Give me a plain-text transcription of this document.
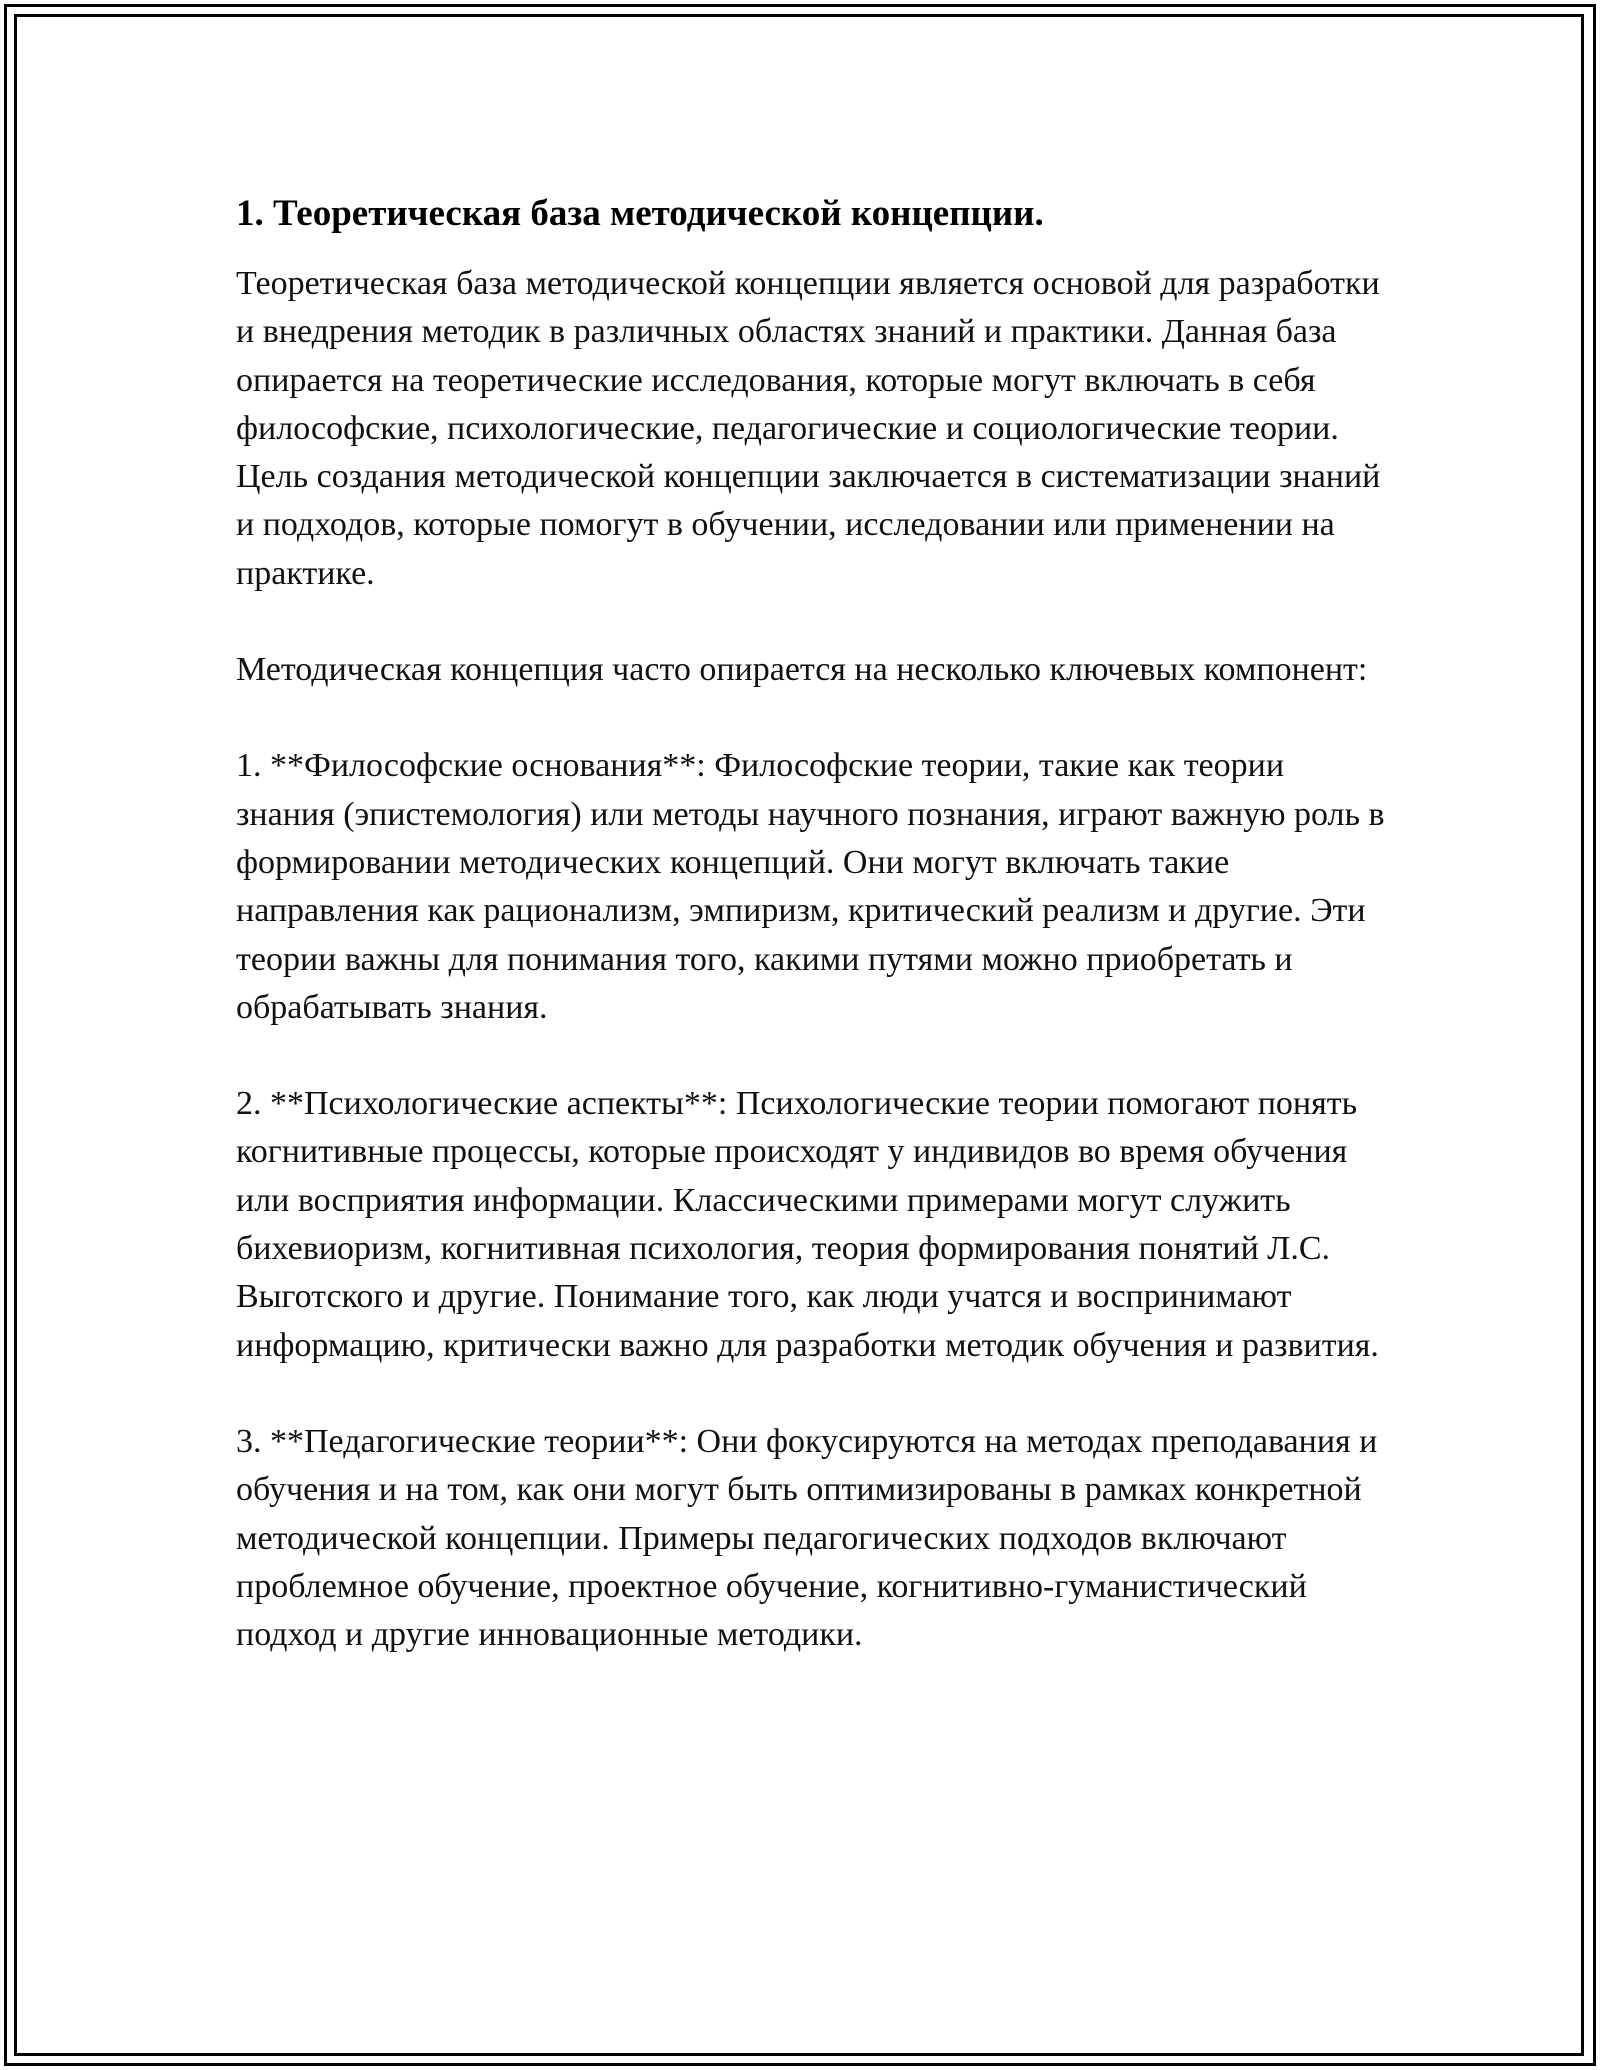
1. Теоретическая база методической концепции.

Теоретическая база методической концепции является основой для разработки и внедрения методик в различных областях знаний и практики. Данная база опирается на теоретические исследования, которые могут включать в себя философские, психологические, педагогические и социологические теории. Цель создания методической концепции заключается в систематизации знаний и подходов, которые помогут в обучении, исследовании или применении на практике.

Методическая концепция часто опирается на несколько ключевых компонент:

1. **Философские основания**: Философские теории, такие как теории знания (эпистемология) или методы научного познания, играют важную роль в формировании методических концепций. Они могут включать такие направления как рационализм, эмпиризм, критический реализм и другие. Эти теории важны для понимания того, какими путями можно приобретать и обрабатывать знания.

2. **Психологические аспекты**: Психологические теории помогают понять когнитивные процессы, которые происходят у индивидов во время обучения или восприятия информации. Классическими примерами могут служить бихевиоризм, когнитивная психология, теория формирования понятий Л.С. Выготского и другие. Понимание того, как люди учатся и воспринимают информацию, критически важно для разработки методик обучения и развития.

3. **Педагогические теории**: Они фокусируются на методах преподавания и обучения и на том, как они могут быть оптимизированы в рамках конкретной методической концепции. Примеры педагогических подходов включают проблемное обучение, проектное обучение, когнитивно-гуманистический подход и другие инновационные методики.
